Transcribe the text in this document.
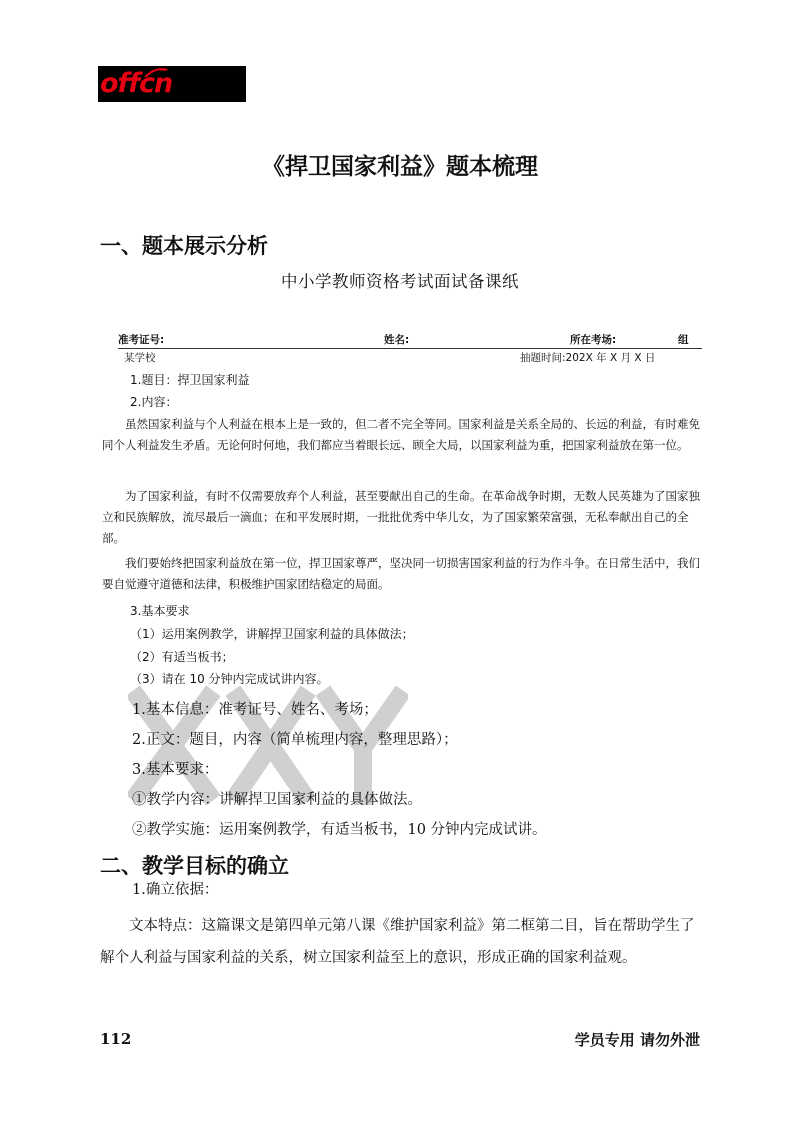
offcn
《捍卫国家利益》题本梳理
一、题本展示分析
中小学教师资格考试面试备课纸
准考证号:	姓名:	所在考场:	组
某学校	抽题时间:202X 年 X 月 X 日
1.题目：捍卫国家利益
2.内容：
虽然国家利益与个人利益在根本上是一致的，但二者不完全等同。国家利益是关系全局的、长远的利益，有时难免同个人利益发生矛盾。无论何时何地，我们都应当着眼长远、顾全大局，以国家利益为重，把国家利益放在第一位。
为了国家利益，有时不仅需要放弃个人利益，甚至要献出自己的生命。在革命战争时期，无数人民英雄为了国家独立和民族解放，流尽最后一滴血；在和平发展时期，一批批优秀中华儿女，为了国家繁荣富强，无私奉献出自己的全部。
我们要始终把国家利益放在第一位，捍卫国家尊严，坚决同一切损害国家利益的行为作斗争。在日常生活中，我们要自觉遵守道德和法律，积极维护国家团结稳定的局面。
3.基本要求
（1）运用案例教学，讲解捍卫国家利益的具体做法；
（2）有适当板书；
（3）请在 10 分钟内完成试讲内容。
1.基本信息：准考证号、姓名、考场；
2.正文：题目，内容（简单梳理内容，整理思路）；
3.基本要求：
①教学内容：讲解捍卫国家利益的具体做法。
②教学实施：运用案例教学，有适当板书，10 分钟内完成试讲。
二、教学目标的确立
1.确立依据：
文本特点：这篇课文是第四单元第八课《维护国家利益》第二框第二目，旨在帮助学生了解个人利益与国家利益的关系，树立国家利益至上的意识，形成正确的国家利益观。
112	学员专用 请勿外泄
